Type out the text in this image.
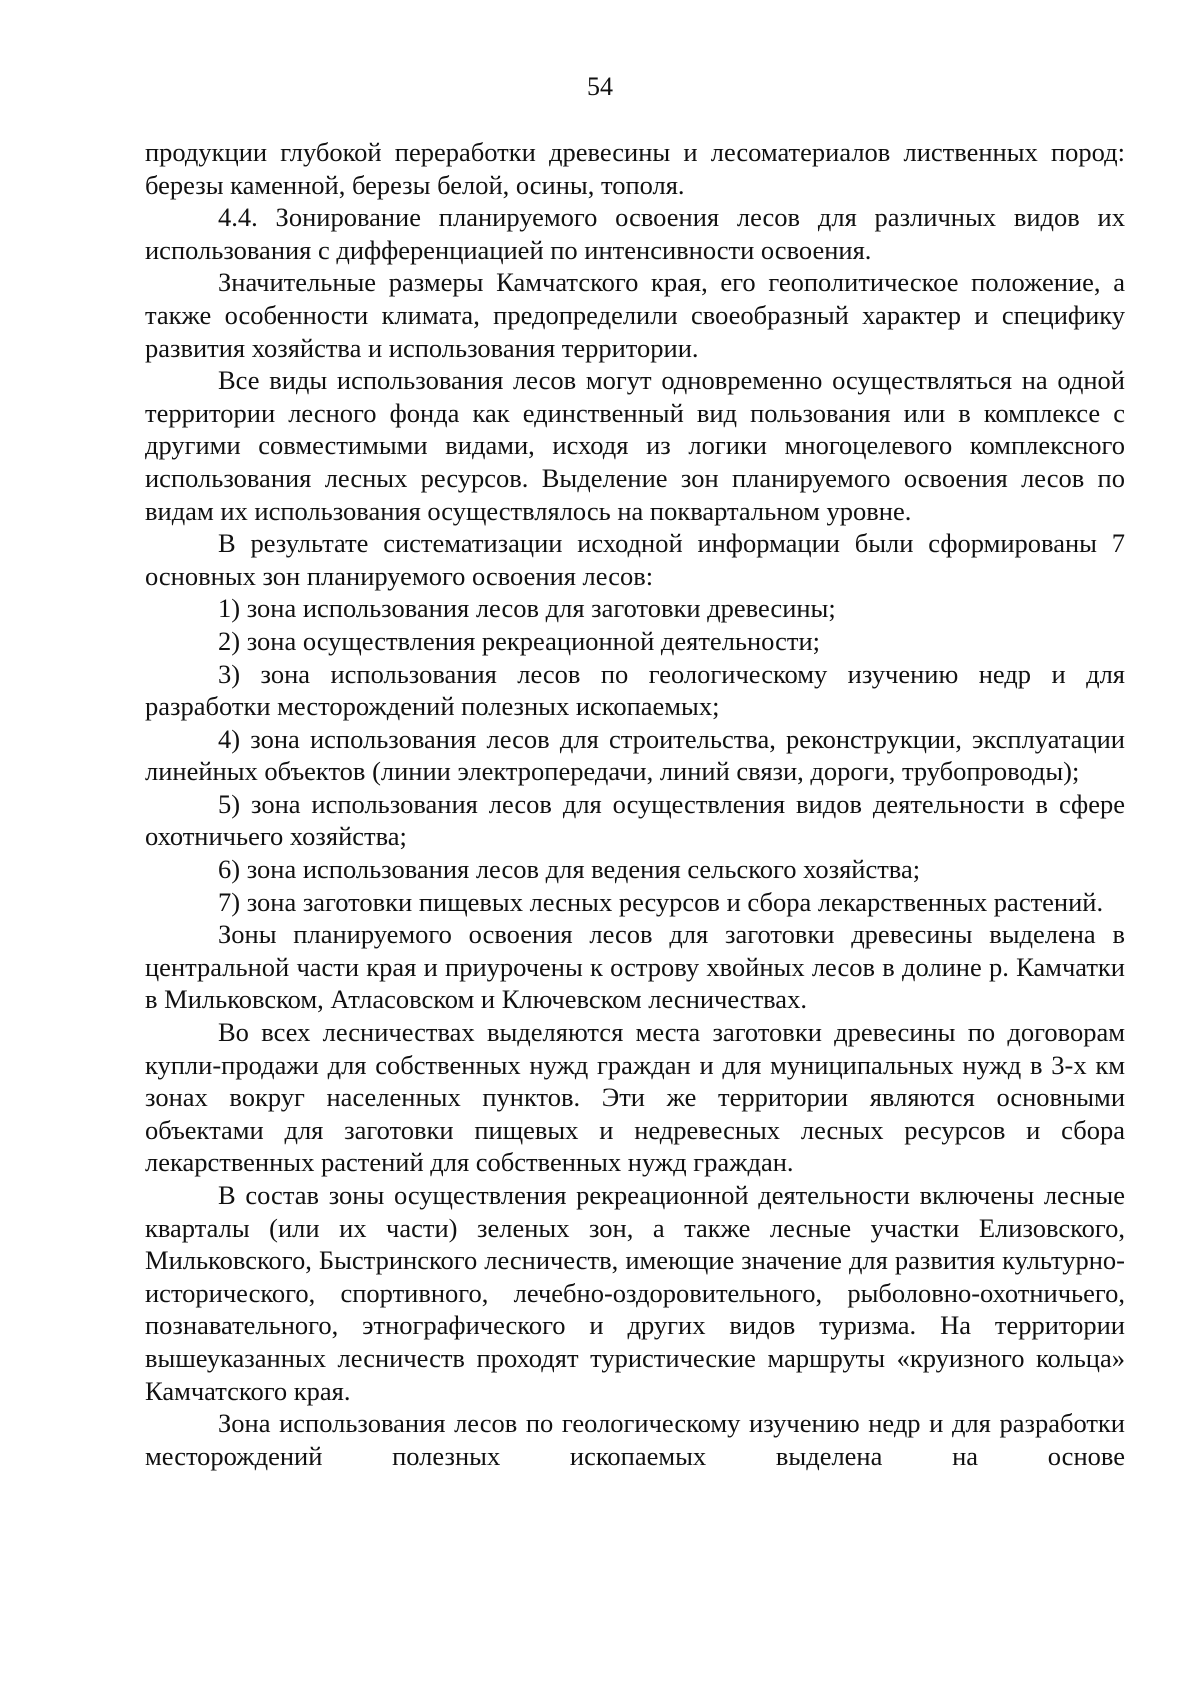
54

продукции глубокой переработки древесины и лесоматериалов лиственных пород: березы каменной, березы белой, осины, тополя.

4.4. Зонирование планируемого освоения лесов для различных видов их использования с дифференциацией по интенсивности освоения.

Значительные размеры Камчатского края, его геополитическое положение, а также особенности климата, предопределили своеобразный характер и специфику развития хозяйства и использования территории.

Все виды использования лесов могут одновременно осуществляться на одной территории лесного фонда как единственный вид пользования или в комплексе с другими совместимыми видами, исходя из логики многоцелевого комплексного использования лесных ресурсов. Выделение зон планируемого освоения лесов по видам их использования осуществлялось на поквартальном уровне.

В результате систематизации исходной информации были сформированы 7 основных зон планируемого освоения лесов:

1) зона использования лесов для заготовки древесины;

2) зона осуществления рекреационной деятельности;

3) зона использования лесов по геологическому изучению недр и для разработки месторождений полезных ископаемых;

4) зона использования лесов для строительства, реконструкции, эксплуатации линейных объектов (линии электропередачи, линий связи, дороги, трубопроводы);

5) зона использования лесов для осуществления видов деятельности в сфере охотничьего хозяйства;

6) зона использования лесов для ведения сельского хозяйства;

7) зона заготовки пищевых лесных ресурсов и сбора лекарственных растений.

Зоны планируемого освоения лесов для заготовки древесины выделена в центральной части края и приурочены к острову хвойных лесов в долине р. Камчатки в Мильковском, Атласовском и Ключевском лесничествах.

Во всех лесничествах выделяются места заготовки древесины по договорам купли-продажи для собственных нужд граждан и для муниципальных нужд в 3-х км зонах вокруг населенных пунктов. Эти же территории являются основными объектами для заготовки пищевых и недревесных лесных ресурсов и сбора лекарственных растений для собственных нужд граждан.

В состав зоны осуществления рекреационной деятельности включены лесные кварталы (или их части) зеленых зон, а также лесные участки Елизовского, Мильковского, Быстринского лесничеств, имеющие значение для развития культурно-исторического, спортивного, лечебно-оздоровительного, рыболовно-охотничьего, познавательного, этнографического и других видов туризма. На территории вышеуказанных лесничеств проходят туристические маршруты «круизного кольца» Камчатского края.

Зона использования лесов по геологическому изучению недр и для разработки месторождений полезных ископаемых выделена на основе
